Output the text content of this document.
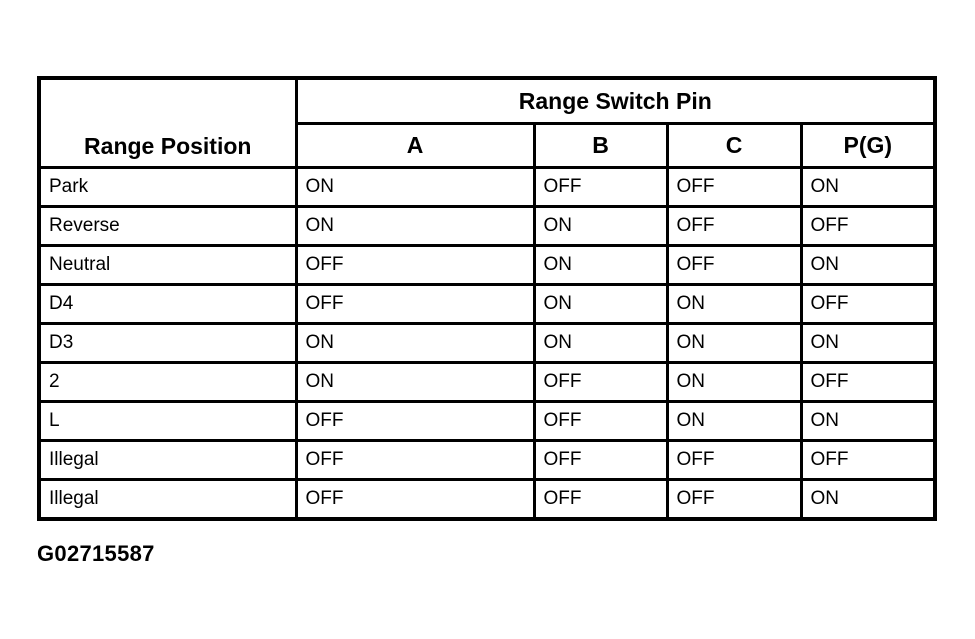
Range Position	Range Switch Pin			
	A	B	C	P(G)
Park	ON	OFF	OFF	ON
Reverse	ON	ON	OFF	OFF
Neutral	OFF	ON	OFF	ON
D4	OFF	ON	ON	OFF
D3	ON	ON	ON	ON
2	ON	OFF	ON	OFF
L	OFF	OFF	ON	ON
Illegal	OFF	OFF	OFF	OFF
Illegal	OFF	OFF	OFF	ON
G02715587
